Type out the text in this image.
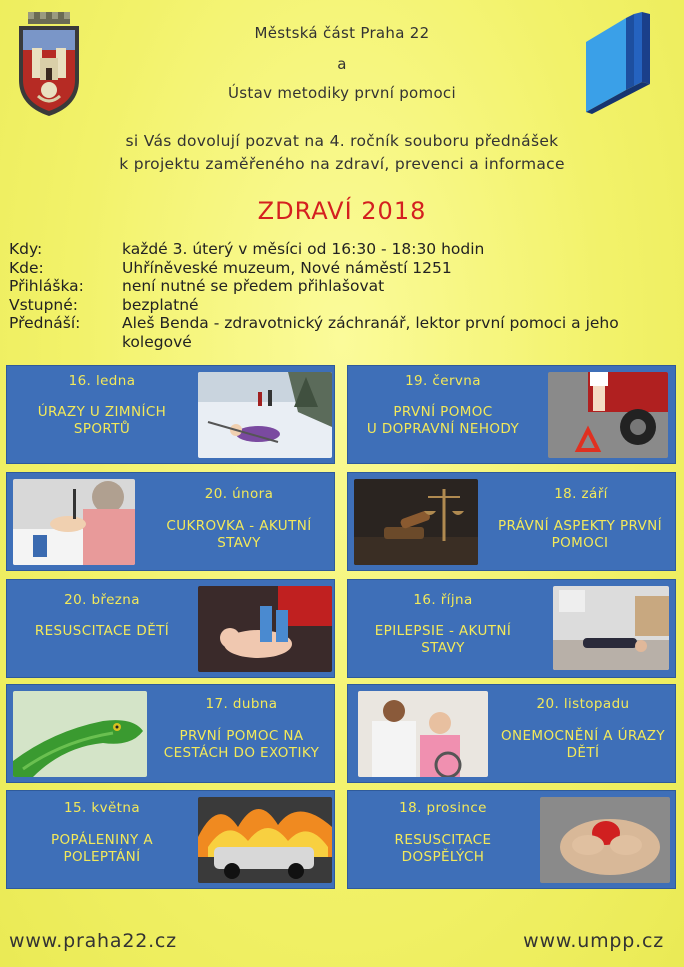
Městská část Praha 22
a
Ústav metodiky první pomoci
si Vás dovolují pozvat na 4. ročník souboru přednášek
k projektu zaměřeného na zdraví, prevenci a informace
ZDRAVÍ 2018
Kdy:	každé 3. úterý v měsíci od 16:30 - 18:30 hodin
Kde:	Uhříněveské muzeum, Nové náměstí 1251
Přihláška:	není nutné se předem přihlašovat
Vstupné:	bezplatné
Přednáší:	Aleš Benda - zdravotnický záchranář, lektor první pomoci a jeho kolegové
16. ledna
ÚRAZY U ZIMNÍCH
SPORTŮ
19. června
PRVNÍ POMOC
U DOPRAVNÍ NEHODY
20. února
CUKROVKA - AKUTNÍ
STAVY
18. září
PRÁVNÍ ASPEKTY PRVNÍ
POMOCI
20. března
RESUSCITACE DĚTÍ
16. října
EPILEPSIE - AKUTNÍ
STAVY
17. dubna
PRVNÍ POMOC NA
CESTÁCH DO EXOTIKY
20. listopadu
ONEMOCNĚNÍ A ÚRAZY
DĚTÍ
15. května
POPÁLENINY A
POLEPTÁNÍ
18. prosince
RESUSCITACE
DOSPĚLÝCH
www.praha22.cz	www.umpp.cz
